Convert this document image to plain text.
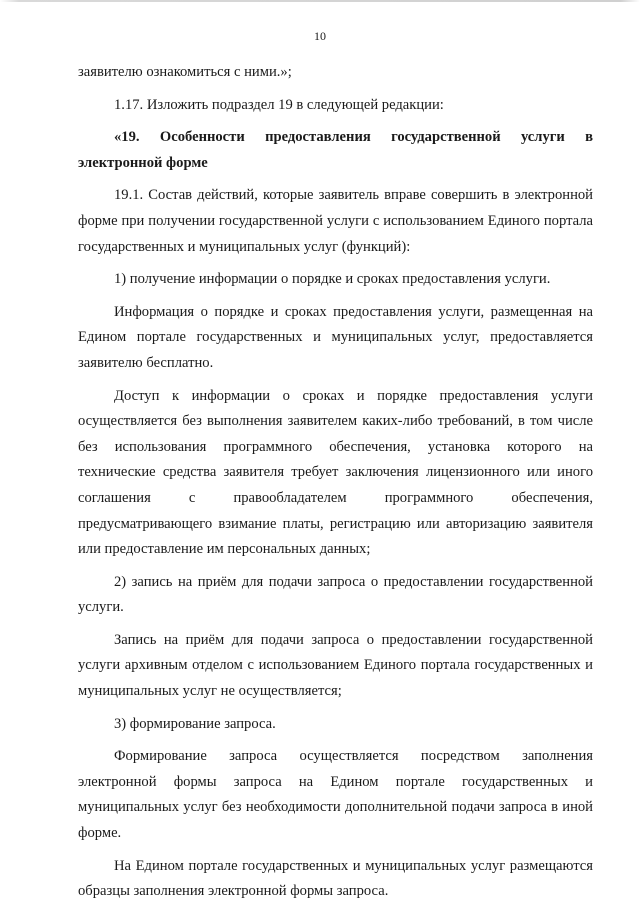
10

заявителю ознакомиться с ними.»;

1.17. Изложить подраздел 19 в следующей редакции:

«19. Особенности предоставления государственной услуги в электронной форме

19.1. Состав действий, которые заявитель вправе совершить в электронной форме при получении государственной услуги с использованием Единого портала государственных и муниципальных услуг (функций):

1) получение информации о порядке и сроках предоставления услуги.

Информация о порядке и сроках предоставления услуги, размещенная на Едином портале государственных и муниципальных услуг, предоставляется заявителю бесплатно.

Доступ к информации о сроках и порядке предоставления услуги осуществляется без выполнения заявителем каких-либо требований, в том числе без использования программного обеспечения, установка которого на технические средства заявителя требует заключения лицензионного или иного соглашения с правообладателем программного обеспечения, предусматривающего взимание платы, регистрацию или авторизацию заявителя или предоставление им персональных данных;

2) запись на приём для подачи запроса о предоставлении государственной услуги.

Запись на приём для подачи запроса о предоставлении государственной услуги архивным отделом с использованием Единого портала государственных и муниципальных услуг не осуществляется;

3) формирование запроса.

Формирование запроса осуществляется посредством заполнения электронной формы запроса на Едином портале государственных и муниципальных услуг без необходимости дополнительной подачи запроса в иной форме.

На Едином портале государственных и муниципальных услуг размещаются образцы заполнения электронной формы запроса.
